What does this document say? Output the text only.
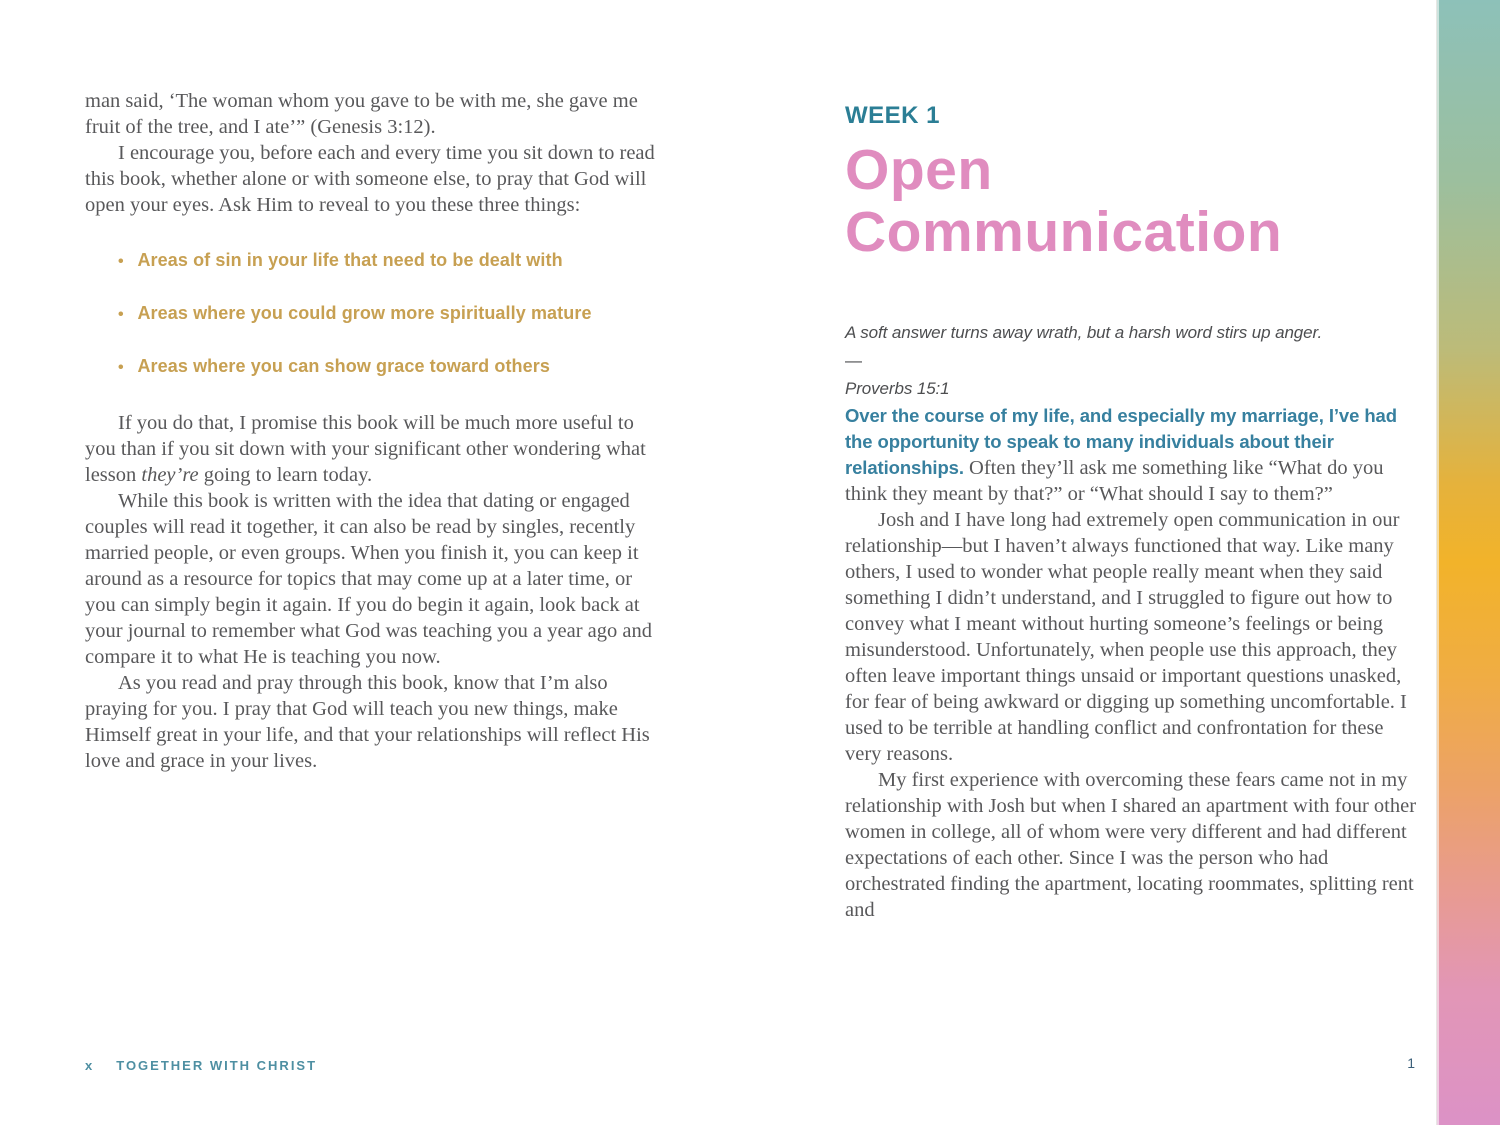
man said, ‘The woman whom you gave to be with me, she gave me fruit of the tree, and I ate’” (Genesis 3:12).

I encourage you, before each and every time you sit down to read this book, whether alone or with someone else, to pray that God will open your eyes. Ask Him to reveal to you these three things:

• Areas of sin in your life that need to be dealt with
• Areas where you could grow more spiritually mature
• Areas where you can show grace toward others

If you do that, I promise this book will be much more useful to you than if you sit down with your significant other wondering what lesson they’re going to learn today.

While this book is written with the idea that dating or engaged couples will read it together, it can also be read by singles, recently married people, or even groups. When you finish it, you can keep it around as a resource for topics that may come up at a later time, or you can simply begin it again. If you do begin it again, look back at your journal to remember what God was teaching you a year ago and compare it to what He is teaching you now.

As you read and pray through this book, know that I’m also praying for you. I pray that God will teach you new things, make Himself great in your life, and that your relationships will reflect His love and grace in your lives.

WEEK 1
Open
Communication
A soft answer turns away wrath, but a harsh word stirs up anger.
—
Proverbs 15:1

Over the course of my life, and especially my marriage, I’ve had the opportunity to speak to many individuals about their relationships. Often they’ll ask me something like “What do you think they meant by that?” or “What should I say to them?”

Josh and I have long had extremely open communication in our relationship—but I haven’t always functioned that way. Like many others, I used to wonder what people really meant when they said something I didn’t understand, and I struggled to figure out how to convey what I meant without hurting someone’s feelings or being misunderstood. Unfortunately, when people use this approach, they often leave important things unsaid or important questions unasked, for fear of being awkward or digging up something uncomfortable. I used to be terrible at handling conflict and confrontation for these very reasons.

My first experience with overcoming these fears came not in my relationship with Josh but when I shared an apartment with four other women in college, all of whom were very different and had different expectations of each other. Since I was the person who had orchestrated finding the apartment, locating roommates, splitting rent and

x TOGETHER WITH CHRIST	1
